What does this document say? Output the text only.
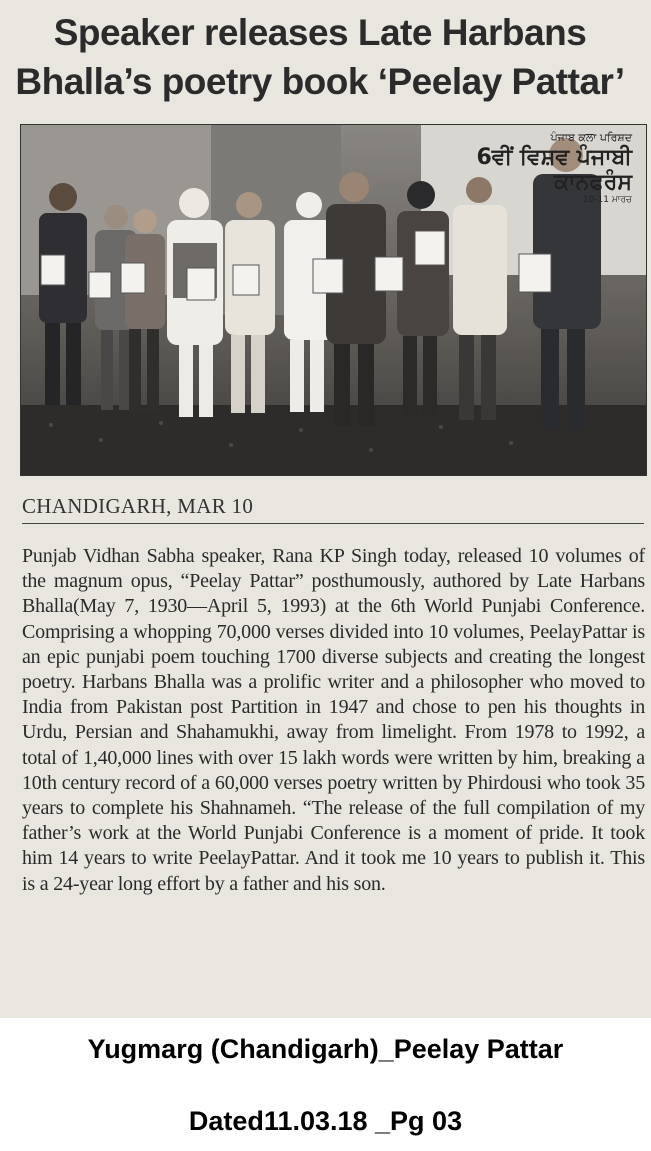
Speaker releases Late Harbans
Bhalla’s poetry book ‘Peelay Pattar’
ਪੰਜਾਬ ਕਲਾ ਪਰਿਸ਼ਦ
6ਵੀਂ ਵਿਸ਼ਵ ਪੰਜਾਬੀ ਕਾਨਫਰੰਸ
10-11 ਮਾਰਚ
CHANDIGARH, MAR 10
Punjab Vidhan Sabha speaker, Rana KP Singh today, released 10 volumes of the magnum opus, “Peelay Pattar” posthumously, authored by Late Harbans Bhalla(May 7, 1930—April 5, 1993) at the 6th World Punjabi Conference. Comprising a whopping 70,000 verses divided into 10 volumes, PeelayPattar is an epic punjabi poem touching 1700 diverse subjects and creating the longest poetry. Harbans Bhalla was a prolific writer and a philosopher who moved to India from Pakistan post Partition in 1947 and chose to pen his thoughts in Urdu, Persian and Shahamukhi, away from limelight. From 1978 to 1992, a total of 1,40,000 lines with over 15 lakh words were written by him, breaking a 10th century record of a 60,000 verses poetry written by Phirdousi who took 35 years to complete his Shahnameh. “The release of the full compilation of my father’s work at the World Punjabi Conference is a moment of pride. It took him 14 years to write PeelayPattar. And it took me 10 years to publish it. This is a 24-year long effort by a father and his son.
Yugmarg (Chandigarh)_Peelay Pattar
Dated11.03.18 _Pg 03
